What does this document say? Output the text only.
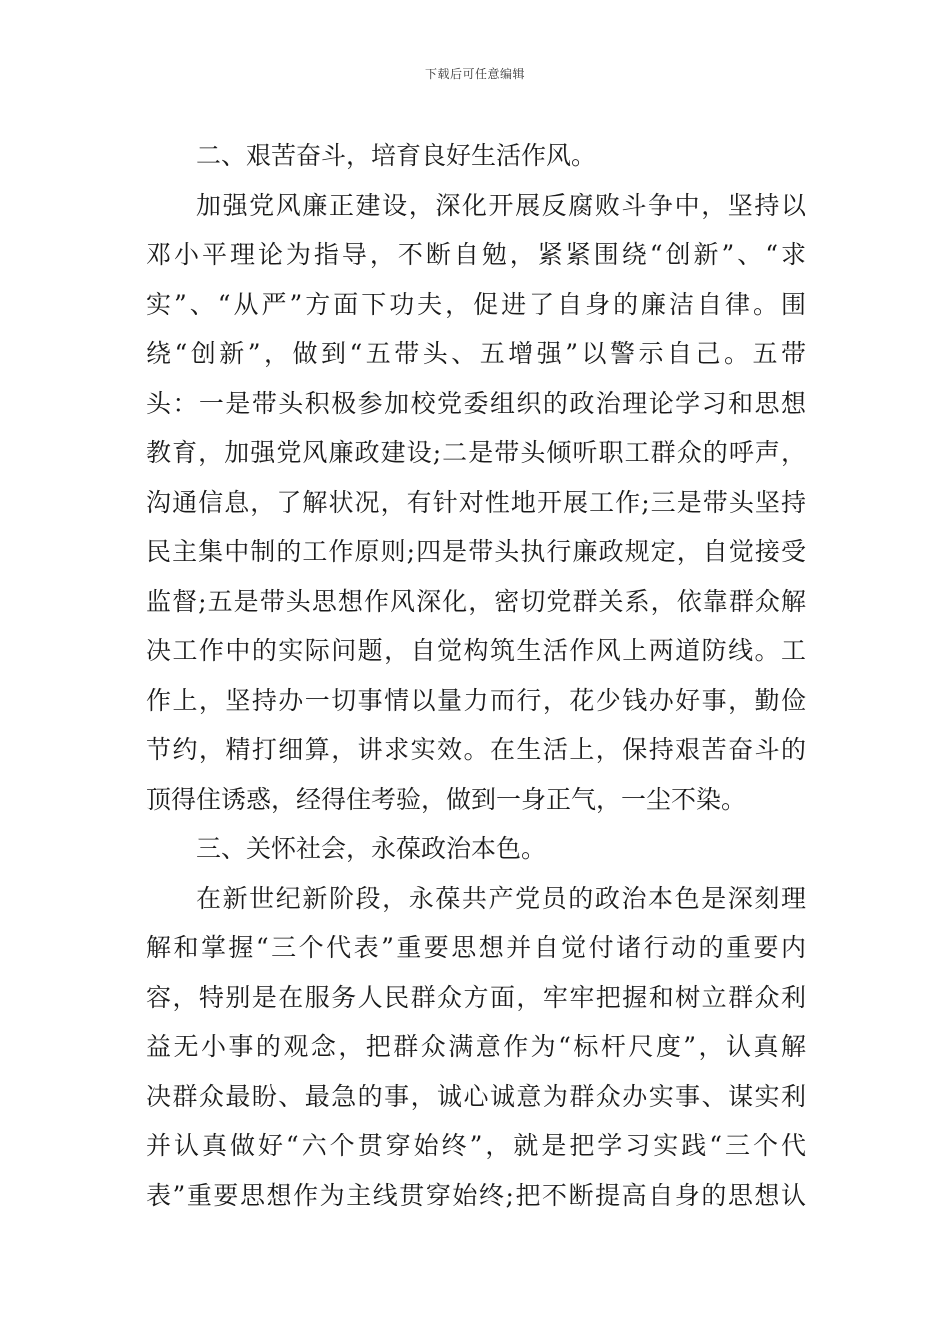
下载后可任意编辑
二、艰苦奋斗，培育良好生活作风。
加强党风廉正建设，深化开展反腐败斗争中，坚持以
邓小平理论为指导，不断自勉，紧紧围绕“创新”、“求
实”、“从严”方面下功夫，促进了自身的廉洁自律。围
绕“创新”，做到“五带头、五增强”以警示自己。五带
头：一是带头积极参加校党委组织的政治理论学习和思想
教育，加强党风廉政建设;二是带头倾听职工群众的呼声，
沟通信息，了解状况，有针对性地开展工作;三是带头坚持
民主集中制的工作原则;四是带头执行廉政规定，自觉接受
监督;五是带头思想作风深化，密切党群关系，依靠群众解
决工作中的实际问题，自觉构筑生活作风上两道防线。工
作上，坚持办一切事情以量力而行，花少钱办好事，勤俭
节约，精打细算，讲求实效。在生活上，保持艰苦奋斗的
顶得住诱惑，经得住考验，做到一身正气，一尘不染。
三、关怀社会，永葆政治本色。
在新世纪新阶段，永葆共产党员的政治本色是深刻理
解和掌握“三个代表”重要思想并自觉付诸行动的重要内
容，特别是在服务人民群众方面，牢牢把握和树立群众利
益无小事的观念，把群众满意作为“标杆尺度”，认真解
决群众最盼、最急的事，诚心诚意为群众办实事、谋实利
并认真做好“六个贯穿始终”，就是把学习实践“三个代
表”重要思想作为主线贯穿始终;把不断提高自身的思想认
